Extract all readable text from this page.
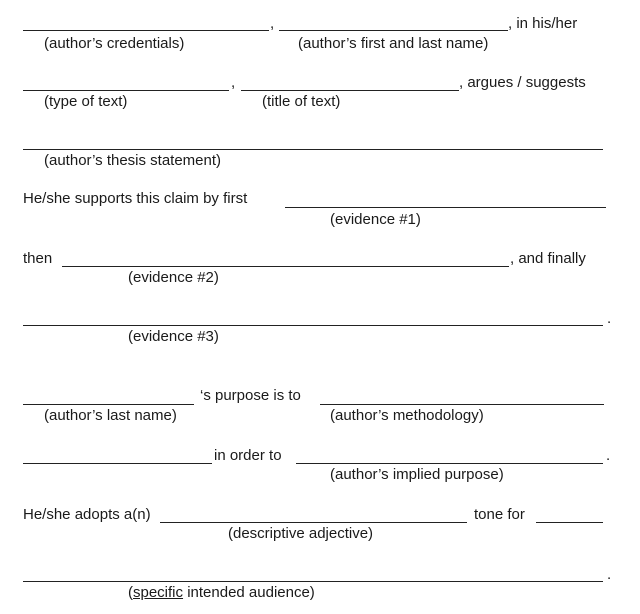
,	, in his/her
(author’s credentials)	(author’s first and last name)
,	, argues / suggests
(type of text)	(title of text)
(author’s thesis statement)
He/she supports this claim by first
(evidence #1)
then	, and finally
(evidence #2)
.
(evidence #3)
‘s purpose is to
(author’s last name)	(author’s methodology)
in order to	.
(author’s implied purpose)
He/she adopts a(n)	tone for
(descriptive adjective)
.
(specific intended audience)
